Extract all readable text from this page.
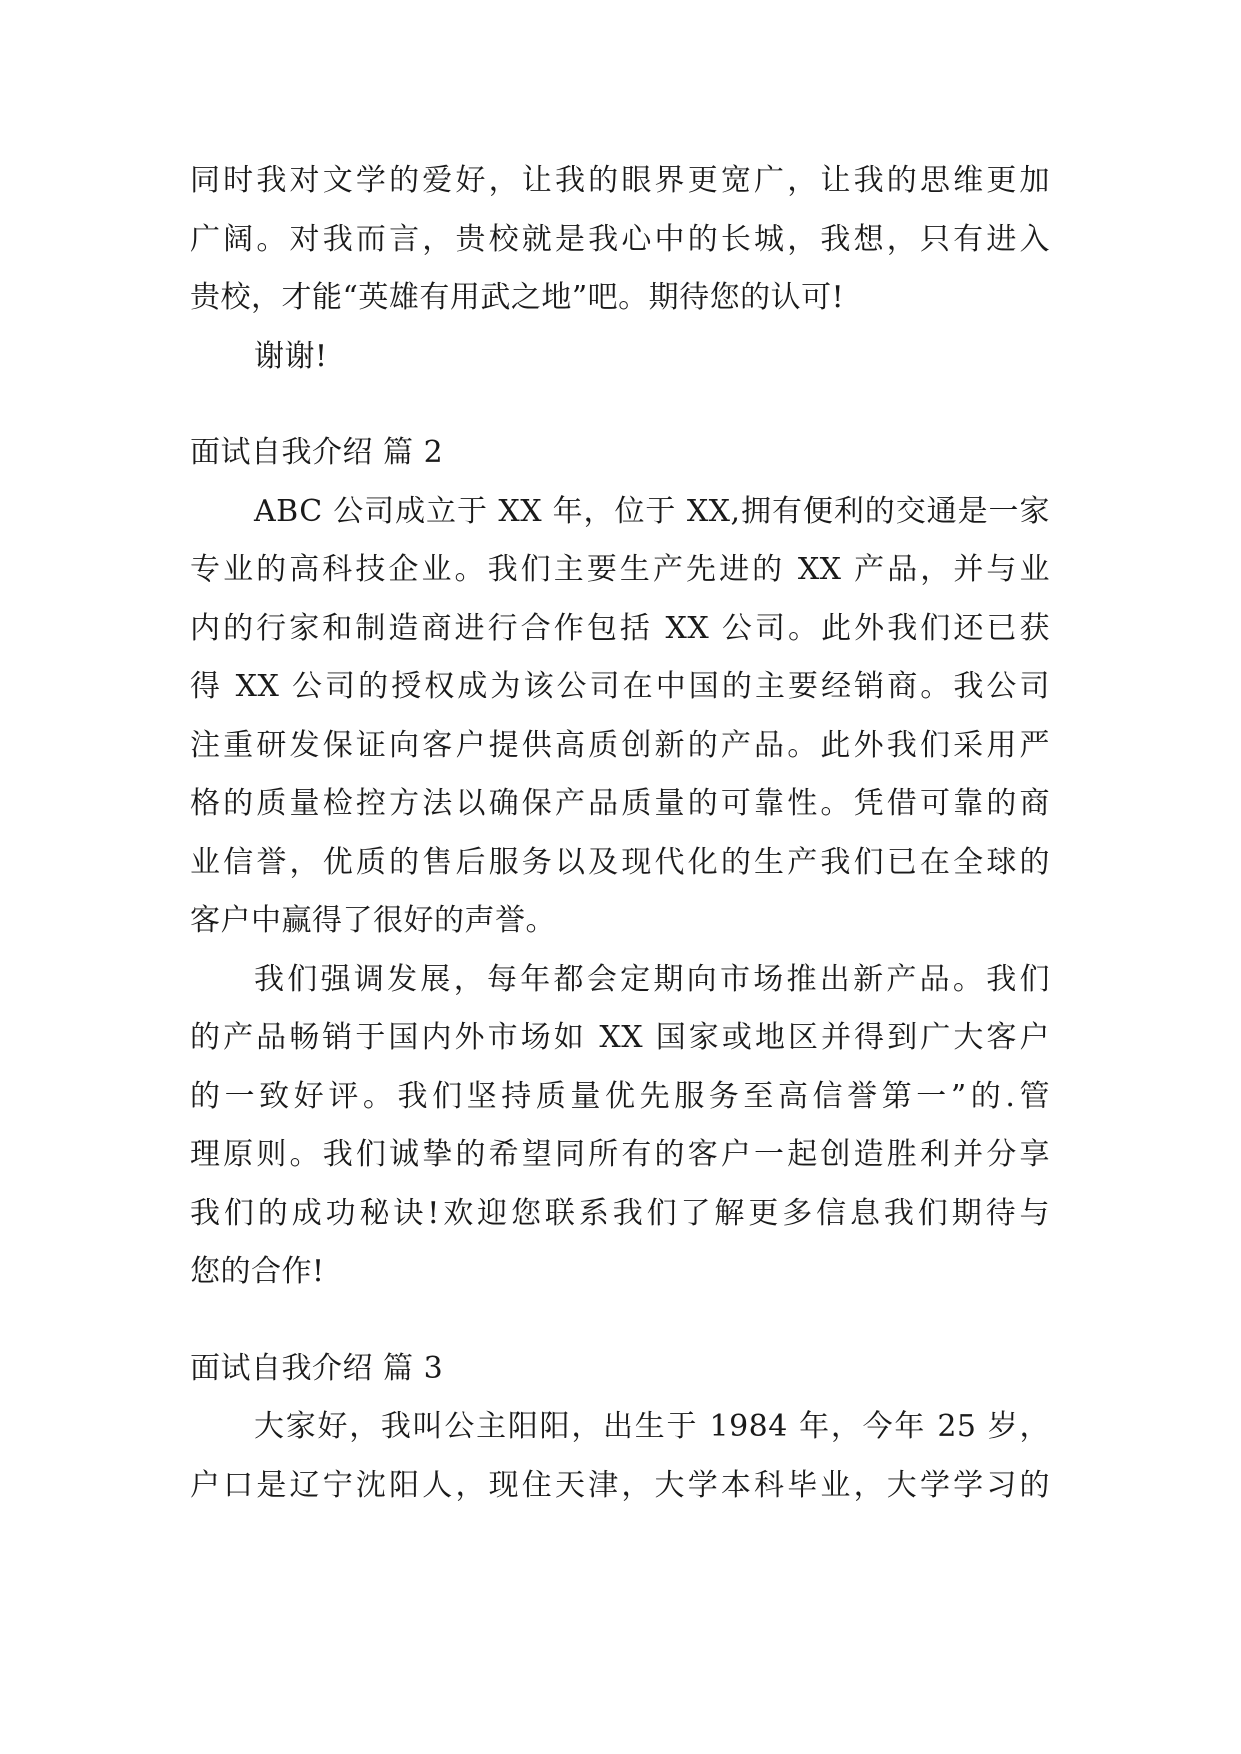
同时我对文学的爱好，让我的眼界更宽广，让我的思维更加
广阔。对我而言，贵校就是我心中的长城，我想，只有进入
贵校，才能“英雄有用武之地”吧。期待您的认可!
谢谢!
面试自我介绍 篇 2
ABC 公司成立于 XX 年，位于 XX,拥有便利的交通是一家
专业的高科技企业。我们主要生产先进的 XX 产品，并与业
内的行家和制造商进行合作包括 XX 公司。此外我们还已获
得 XX 公司的授权成为该公司在中国的主要经销商。我公司
注重研发保证向客户提供高质创新的产品。此外我们采用严
格的质量检控方法以确保产品质量的可靠性。凭借可靠的商
业信誉，优质的售后服务以及现代化的生产我们已在全球的
客户中赢得了很好的声誉。
我们强调发展，每年都会定期向市场推出新产品。我们
的产品畅销于国内外市场如 XX 国家或地区并得到广大客户
的一致好评。我们坚持质量优先服务至高信誉第一”的.管
理原则。我们诚挚的希望同所有的客户一起创造胜利并分享
我们的成功秘诀!欢迎您联系我们了解更多信息我们期待与
您的合作!
面试自我介绍 篇 3
大家好，我叫公主阳阳，出生于 1984 年，今年 25 岁，
户口是辽宁沈阳人，现住天津，大学本科毕业，大学学习的
